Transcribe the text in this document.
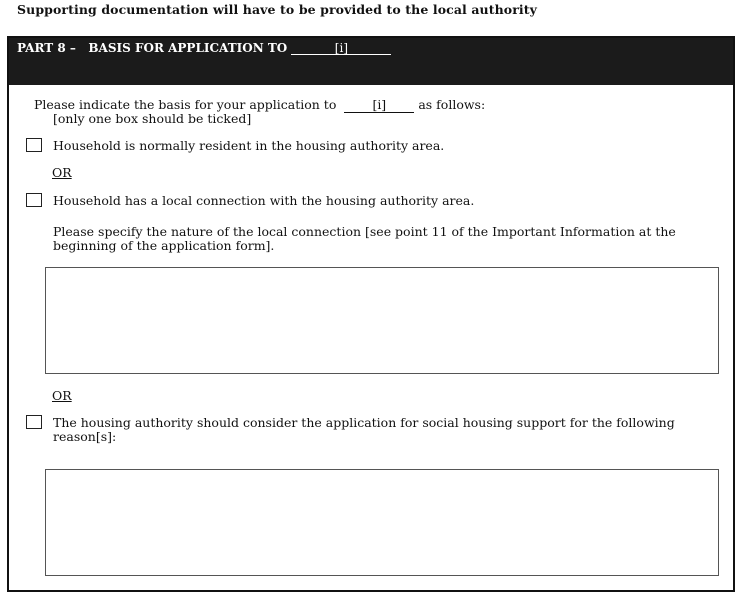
Supporting documentation will have to be provided to the local authority
PART 8 –   BASIS FOR APPLICATION TO	[i]
Please indicate the basis for your application to	[i]	as follows:
[only one box should be ticked]
Household is normally resident in the housing authority area.
OR
Household has a local connection with the housing authority area.
Please specify the nature of the local connection [see point 11 of the Important Information at the beginning of the application form].
OR
The housing authority should consider the application for social housing support for the following reason[s]:
